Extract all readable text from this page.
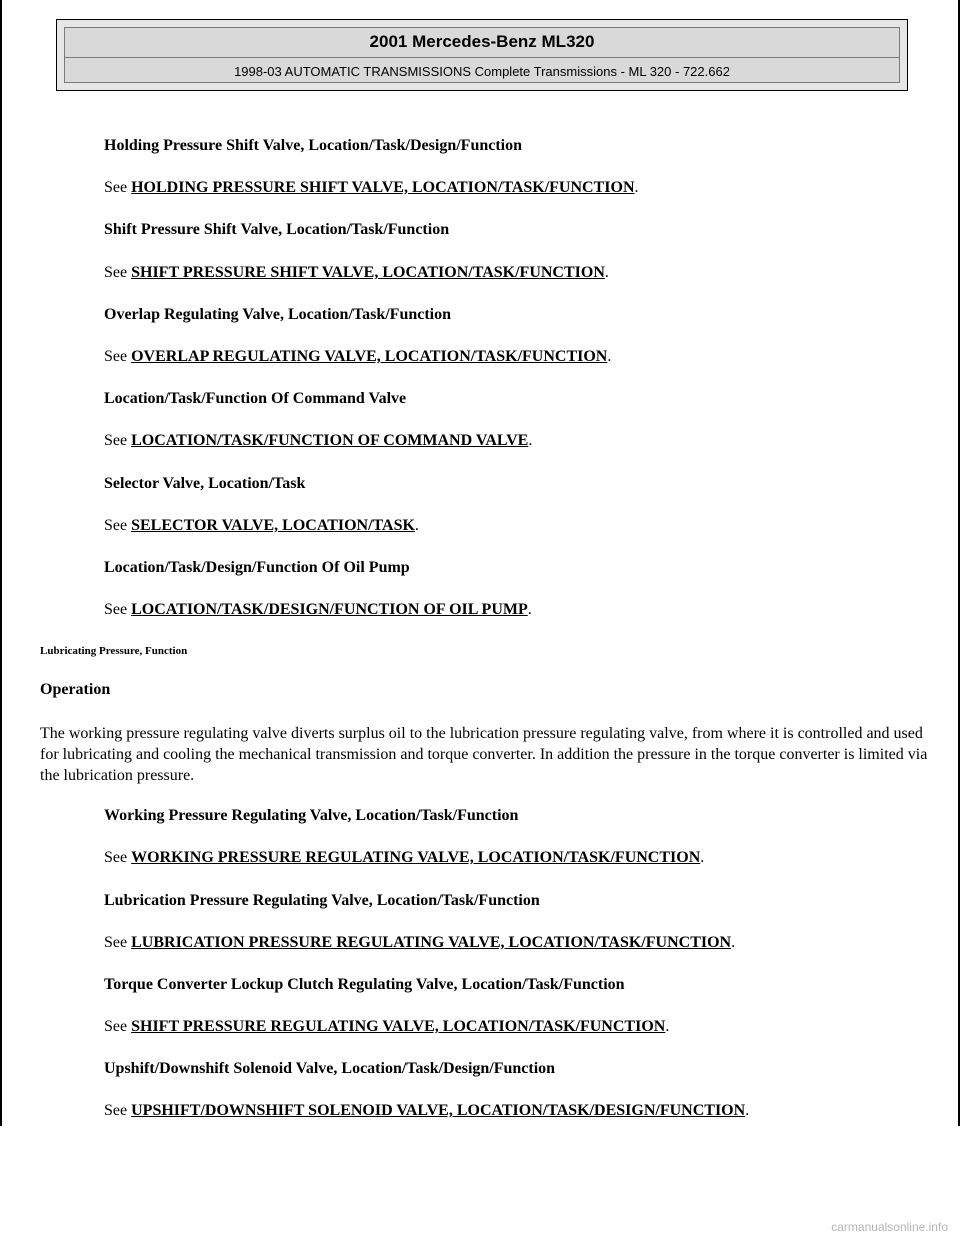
2001 Mercedes-Benz ML320
1998-03 AUTOMATIC TRANSMISSIONS Complete Transmissions - ML 320 - 722.662
Holding Pressure Shift Valve, Location/Task/Design/Function
See HOLDING PRESSURE SHIFT VALVE, LOCATION/TASK/FUNCTION.
Shift Pressure Shift Valve, Location/Task/Function
See SHIFT PRESSURE SHIFT VALVE, LOCATION/TASK/FUNCTION.
Overlap Regulating Valve, Location/Task/Function
See OVERLAP REGULATING VALVE, LOCATION/TASK/FUNCTION.
Location/Task/Function Of Command Valve
See LOCATION/TASK/FUNCTION OF COMMAND VALVE.
Selector Valve, Location/Task
See SELECTOR VALVE, LOCATION/TASK.
Location/Task/Design/Function Of Oil Pump
See LOCATION/TASK/DESIGN/FUNCTION OF OIL PUMP.
Lubricating Pressure, Function
Operation
The working pressure regulating valve diverts surplus oil to the lubrication pressure regulating valve, from where it is controlled and used for lubricating and cooling the mechanical transmission and torque converter. In addition the pressure in the torque converter is limited via the lubrication pressure.
Working Pressure Regulating Valve, Location/Task/Function
See WORKING PRESSURE REGULATING VALVE, LOCATION/TASK/FUNCTION.
Lubrication Pressure Regulating Valve, Location/Task/Function
See LUBRICATION PRESSURE REGULATING VALVE, LOCATION/TASK/FUNCTION.
Torque Converter Lockup Clutch Regulating Valve, Location/Task/Function
See SHIFT PRESSURE REGULATING VALVE, LOCATION/TASK/FUNCTION.
Upshift/Downshift Solenoid Valve, Location/Task/Design/Function
See UPSHIFT/DOWNSHIFT SOLENOID VALVE, LOCATION/TASK/DESIGN/FUNCTION.
carmanualsonline.info
